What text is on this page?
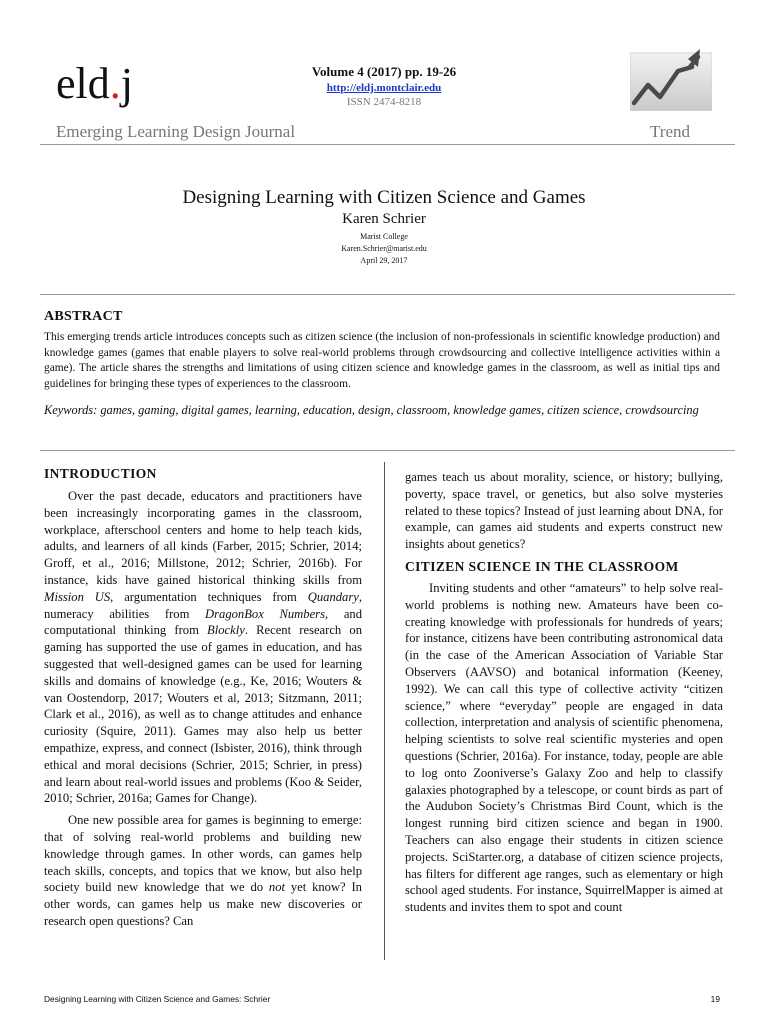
eld.j	Volume 4 (2017) pp. 19-26
http://eldj.montclair.edu
ISSN 2474-8218
Emerging Learning Design Journal	Trend
Designing Learning with Citizen Science and Games
Karen Schrier
Marist College
Karen.Schrier@marist.edu
April 29, 2017
ABSTRACT

This emerging trends article introduces concepts such as citizen science (the inclusion of non-professionals in scientific knowledge production) and knowledge games (games that enable players to solve real-world problems through crowdsourcing and collective intelligence activities within a game). The article shares the strengths and limitations of using citizen science and knowledge games in the classroom, as well as initial tips and guidelines for bringing these types of experiences to the classroom.

Keywords: games, gaming, digital games, learning, education, design, classroom, knowledge games, citizen science, crowdsourcing
INTRODUCTION

Over the past decade, educators and practitioners have been increasingly incorporating games in the classroom, workplace, afterschool centers and home to help teach kids, adults, and learners of all kinds (Farber, 2015; Schrier, 2014; Groff, et al., 2016; Millstone, 2012; Schrier, 2016b). For instance, kids have gained historical thinking skills from Mission US, argumentation techniques from Quandary, numeracy abilities from DragonBox Numbers, and computational thinking from Blockly. Recent research on gaming has supported the use of games in education, and has suggested that well-designed games can be used for learning skills and domains of knowledge (e.g., Ke, 2016; Wouters & van Oostendorp, 2017; Wouters et al, 2013; Sitzmann, 2011; Clark et al., 2016), as well as to change attitudes and enhance curiosity (Squire, 2011). Games may also help us better empathize, express, and connect (Isbister, 2016), think through ethical and moral decisions (Schrier, 2015; Schrier, in press) and learn about real-world issues and problems (Koo & Seider, 2010; Schrier, 2016a; Games for Change).

One new possible area for games is beginning to emerge: that of solving real-world problems and building new knowledge through games. In other words, can games help teach skills, concepts, and topics that we know, but also help society build new knowledge that we do not yet know? In other words, can games help us make new discoveries or research open questions? Can

games teach us about morality, science, or history; bullying, poverty, space travel, or genetics, but also solve mysteries related to these topics? Instead of just learning about DNA, for example, can games aid students and experts construct new insights about genetics?

CITIZEN SCIENCE IN THE CLASSROOM

Inviting students and other “amateurs” to help solve real-world problems is nothing new. Amateurs have been co-creating knowledge with professionals for hundreds of years; for instance, citizens have been contributing astronomical data (in the case of the American Association of Variable Star Observers (AAVSO) and botanical information (Keeney, 1992). We can call this type of collective activity “citizen science,” where “everyday” people are engaged in data collection, interpretation and analysis of scientific phenomena, helping scientists to solve real scientific mysteries and open questions (Schrier, 2016a). For instance, today, people are able to log onto Zooniverse’s Galaxy Zoo and help to classify galaxies photographed by a telescope, or count birds as part of the Audubon Society’s Christmas Bird Count, which is the longest running bird citizen science and began in 1900. Teachers can also engage their students in citizen science projects. SciStarter.org, a database of citizen science projects, has filters for different age ranges, such as elementary or high school aged students. For instance, SquirrelMapper is aimed at students and invites them to spot and count

Designing Learning with Citizen Science and Games: Schrier	19
